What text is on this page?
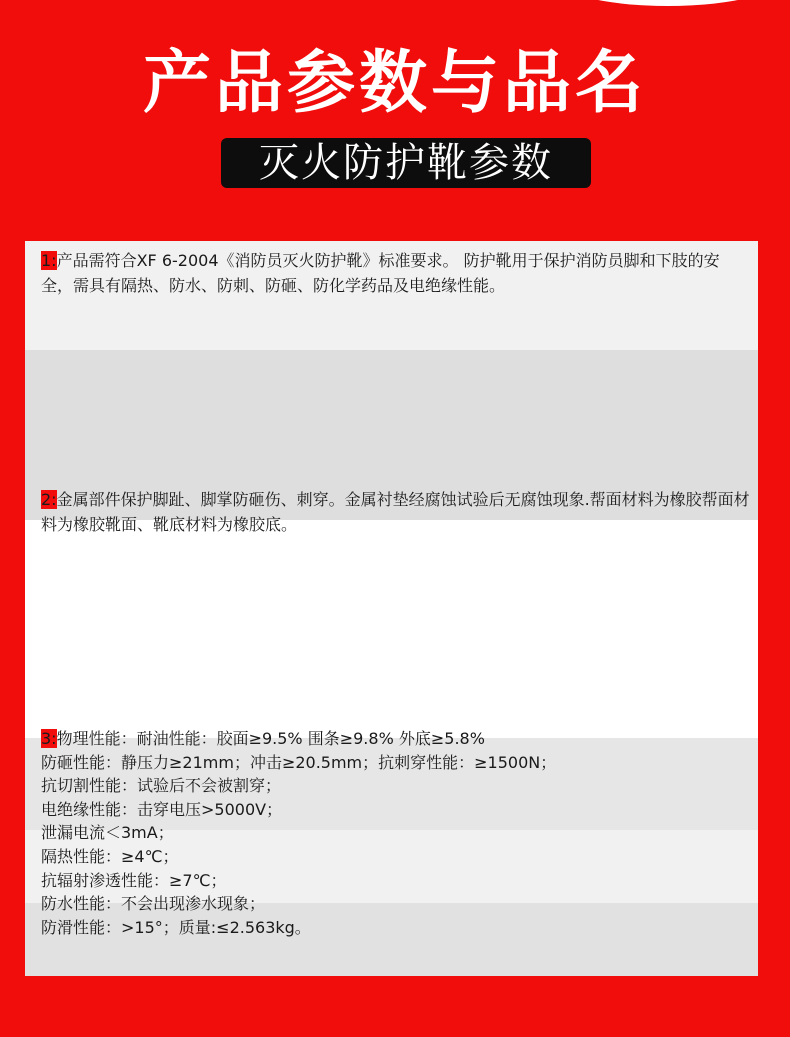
产品参数与品名
灭火防护靴参数
1:产品需符合XF 6-2004《消防员灭火防护靴》标准要求。 防护靴用于保护消防员脚和下肢的安全，需具有隔热、防水、防刺、防砸、防化学药品及电绝缘性能。
2:金属部件保护脚趾、脚掌防砸伤、刺穿。金属衬垫经腐蚀试验后无腐蚀现象.帮面材料为橡胶帮面材料为橡胶靴面、靴底材料为橡胶底。
3:物理性能：耐油性能：胶面≥9.5% 围条≥9.8% 外底≥5.8%
防砸性能：静压力≥21mm；冲击≥20.5mm；抗刺穿性能：≥1500N；
抗切割性能：试验后不会被割穿；
电绝缘性能：击穿电压>5000V；
泄漏电流＜3mA；
隔热性能：≥4℃；
抗辐射渗透性能：≥7℃；
防水性能：不会出现渗水现象；
防滑性能：>15°；质量:≤2.563kg。
